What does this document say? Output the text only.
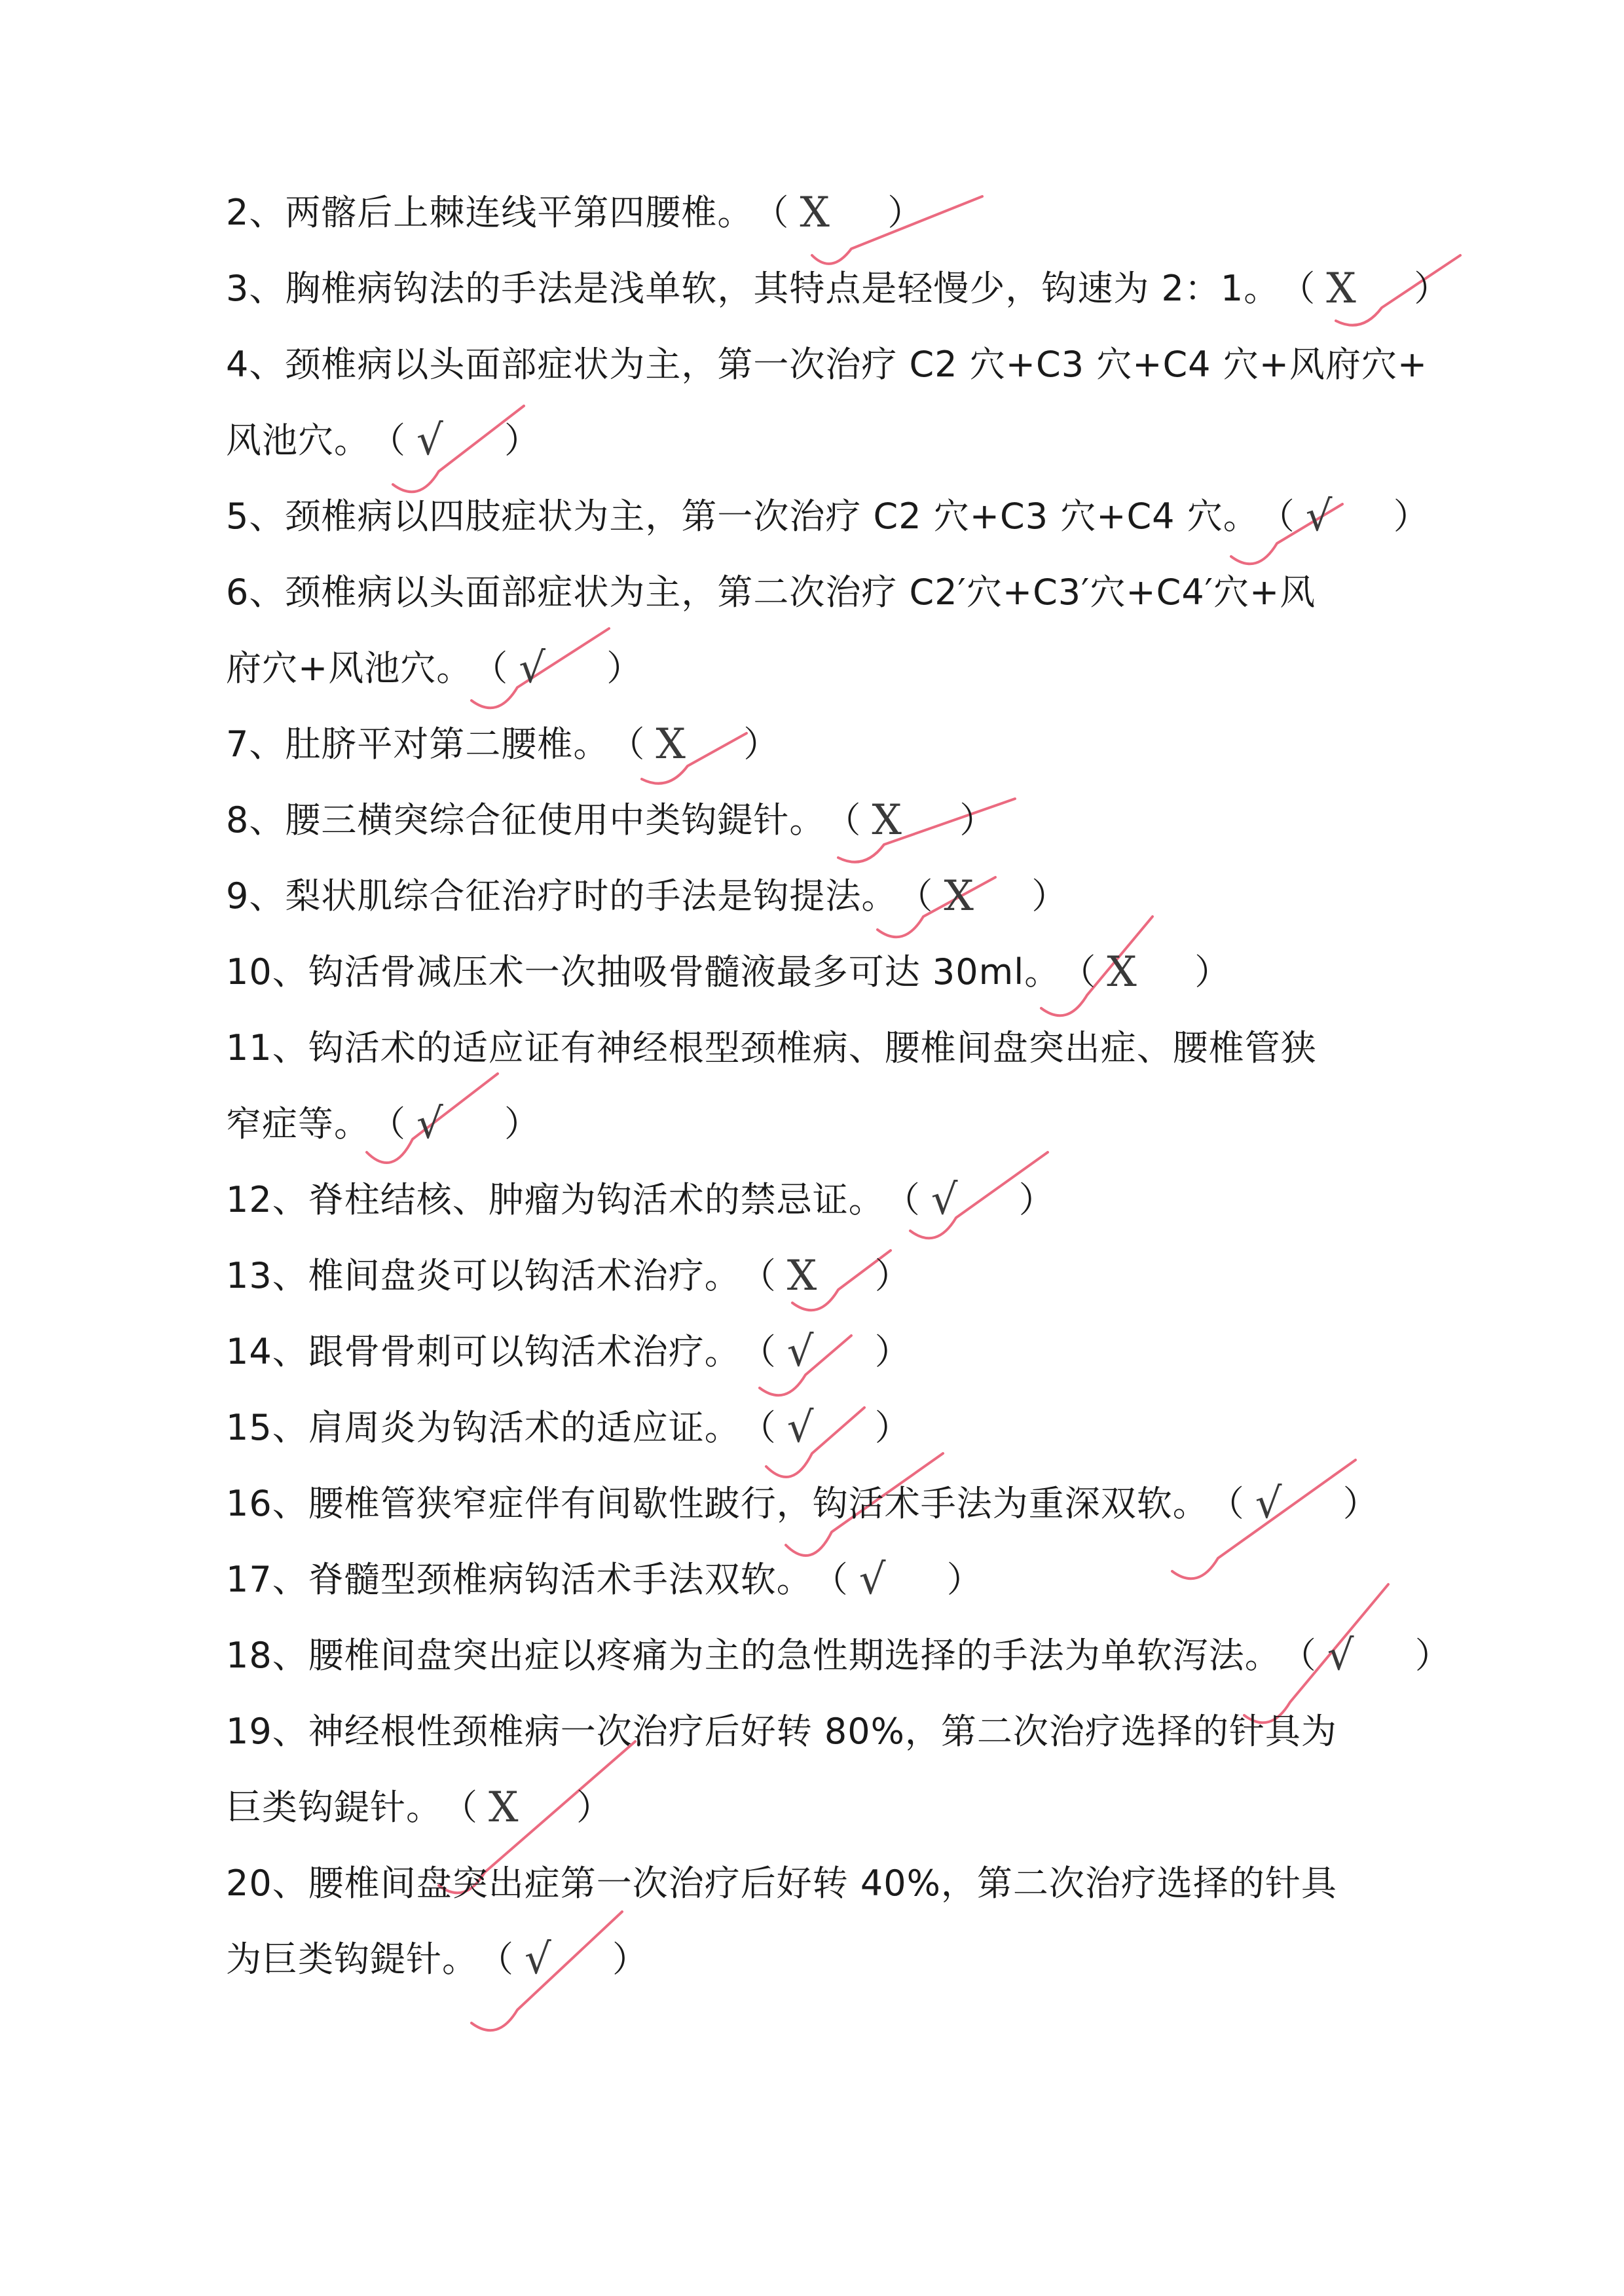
2、两髂后上棘连线平第四腰椎。（ X ）
3、胸椎病钩法的手法是浅单软，其特点是轻慢少，钩速为 2：1。（ X ）
4、颈椎病以头面部症状为主，第一次治疗 C2 穴+C3 穴+C4 穴+风府穴+
风池穴。（ √ ）
5、颈椎病以四肢症状为主，第一次治疗 C2 穴+C3 穴+C4 穴。（ √ ）
6、颈椎病以头面部症状为主，第二次治疗 C2′穴+C3′穴+C4′穴+风
府穴+风池穴。（ √ ）
7、肚脐平对第二腰椎。（ X ）
8、腰三横突综合征使用中类钩鍉针。（ X ）
9、梨状肌综合征治疗时的手法是钩提法。（ X ）
10、钩活骨减压术一次抽吸骨髓液最多可达 30ml。（ X ）
11、钩活术的适应证有神经根型颈椎病、腰椎间盘突出症、腰椎管狭
窄症等。（ √ ）
12、脊柱结核、肿瘤为钩活术的禁忌证。（ √ ）
13、椎间盘炎可以钩活术治疗。（ X ）
14、跟骨骨刺可以钩活术治疗。（ √ ）
15、肩周炎为钩活术的适应证。（ √ ）
16、腰椎管狭窄症伴有间歇性跛行，钩活术手法为重深双软。（ √ ）
17、脊髓型颈椎病钩活术手法双软。（ √ ）
18、腰椎间盘突出症以疼痛为主的急性期选择的手法为单软泻法。（ √ ）
19、神经根性颈椎病一次治疗后好转 80%，第二次治疗选择的针具为
巨类钩鍉针。（ X ）
20、腰椎间盘突出症第一次治疗后好转 40%，第二次治疗选择的针具
为巨类钩鍉针。（ √ ）
